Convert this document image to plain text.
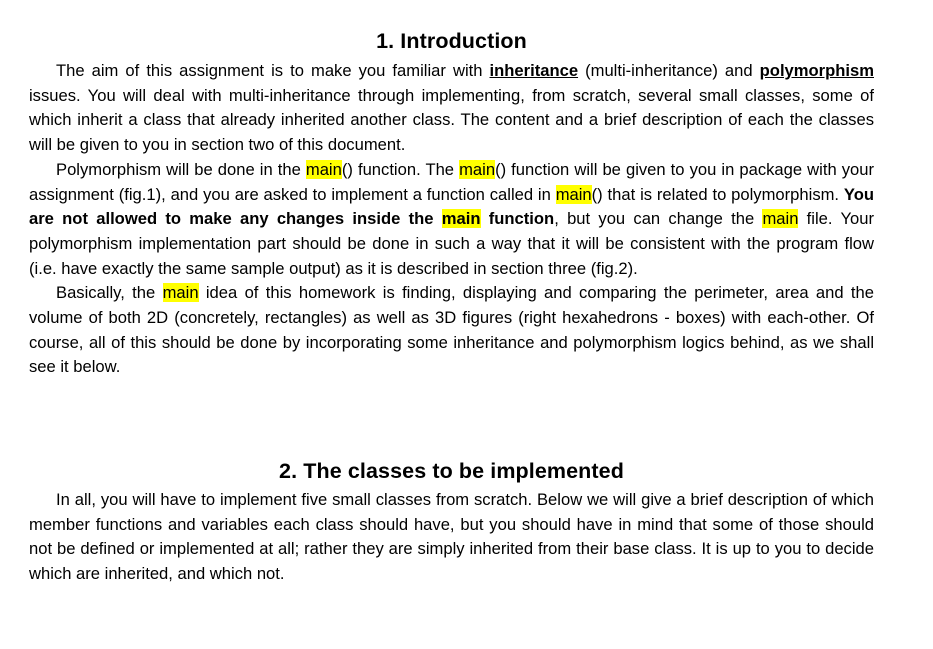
1. Introduction

The aim of this assignment is to make you familiar with inheritance (multi-inheritance) and polymorphism issues. You will deal with multi-inheritance through implementing, from scratch, several small classes, some of which inherit a class that already inherited another class. The content and a brief description of each the classes will be given to you in section two of this document.

Polymorphism will be done in the main() function. The main() function will be given to you in package with your assignment (fig.1), and you are asked to implement a function called in main() that is related to polymorphism. You are not allowed to make any changes inside the main function, but you can change the main file. Your polymorphism implementation part should be done in such a way that it will be consistent with the program flow (i.e. have exactly the same sample output) as it is described in section three (fig.2).

Basically, the main idea of this homework is finding, displaying and comparing the perimeter, area and the volume of both 2D (concretely, rectangles) as well as 3D figures (right hexahedrons - boxes) with each-other. Of course, all of this should be done by incorporating some inheritance and polymorphism logics behind, as we shall see it below.

2. The classes to be implemented

In all, you will have to implement five small classes from scratch. Below we will give a brief description of which member functions and variables each class should have, but you should have in mind that some of those should not be defined or implemented at all; rather they are simply inherited from their base class. It is up to you to decide which are inherited, and which not.
